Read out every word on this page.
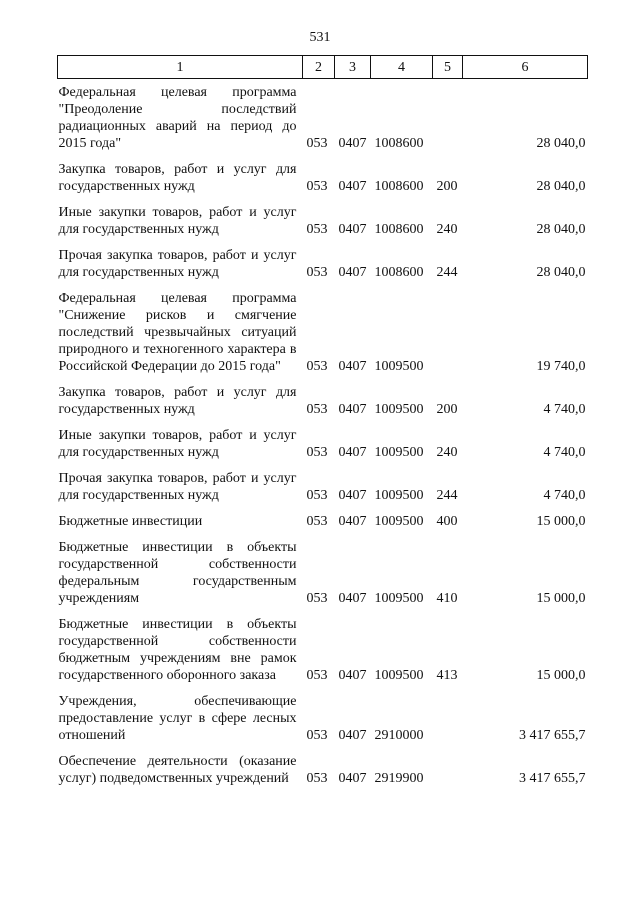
531
1	2	3	4	5	6
Федеральная целевая программа "Преодоление последствий радиационных аварий на период до 2015 года"	053	0407	1008600		28 040,0
Закупка товаров, работ и услуг для государственных нужд	053	0407	1008600	200	28 040,0
Иные закупки товаров, работ и услуг для государственных нужд	053	0407	1008600	240	28 040,0
Прочая закупка товаров, работ и услуг для государственных нужд	053	0407	1008600	244	28 040,0
Федеральная целевая программа "Снижение рисков и смягчение последствий чрезвычайных ситуаций природного и техногенного характера в Российской Федерации до 2015 года"	053	0407	1009500		19 740,0
Закупка товаров, работ и услуг для государственных нужд	053	0407	1009500	200	4 740,0
Иные закупки товаров, работ и услуг для государственных нужд	053	0407	1009500	240	4 740,0
Прочая закупка товаров, работ и услуг для государственных нужд	053	0407	1009500	244	4 740,0
Бюджетные инвестиции	053	0407	1009500	400	15 000,0
Бюджетные инвестиции в объекты государственной собственности федеральным государственным учреждениям	053	0407	1009500	410	15 000,0
Бюджетные инвестиции в объекты государственной собственности бюджетным учреждениям вне рамок государственного оборонного заказа	053	0407	1009500	413	15 000,0
Учреждения, обеспечивающие предоставление услуг в сфере лесных отношений	053	0407	2910000		3 417 655,7
Обеспечение деятельности (оказание услуг) подведомственных учреждений	053	0407	2919900		3 417 655,7
